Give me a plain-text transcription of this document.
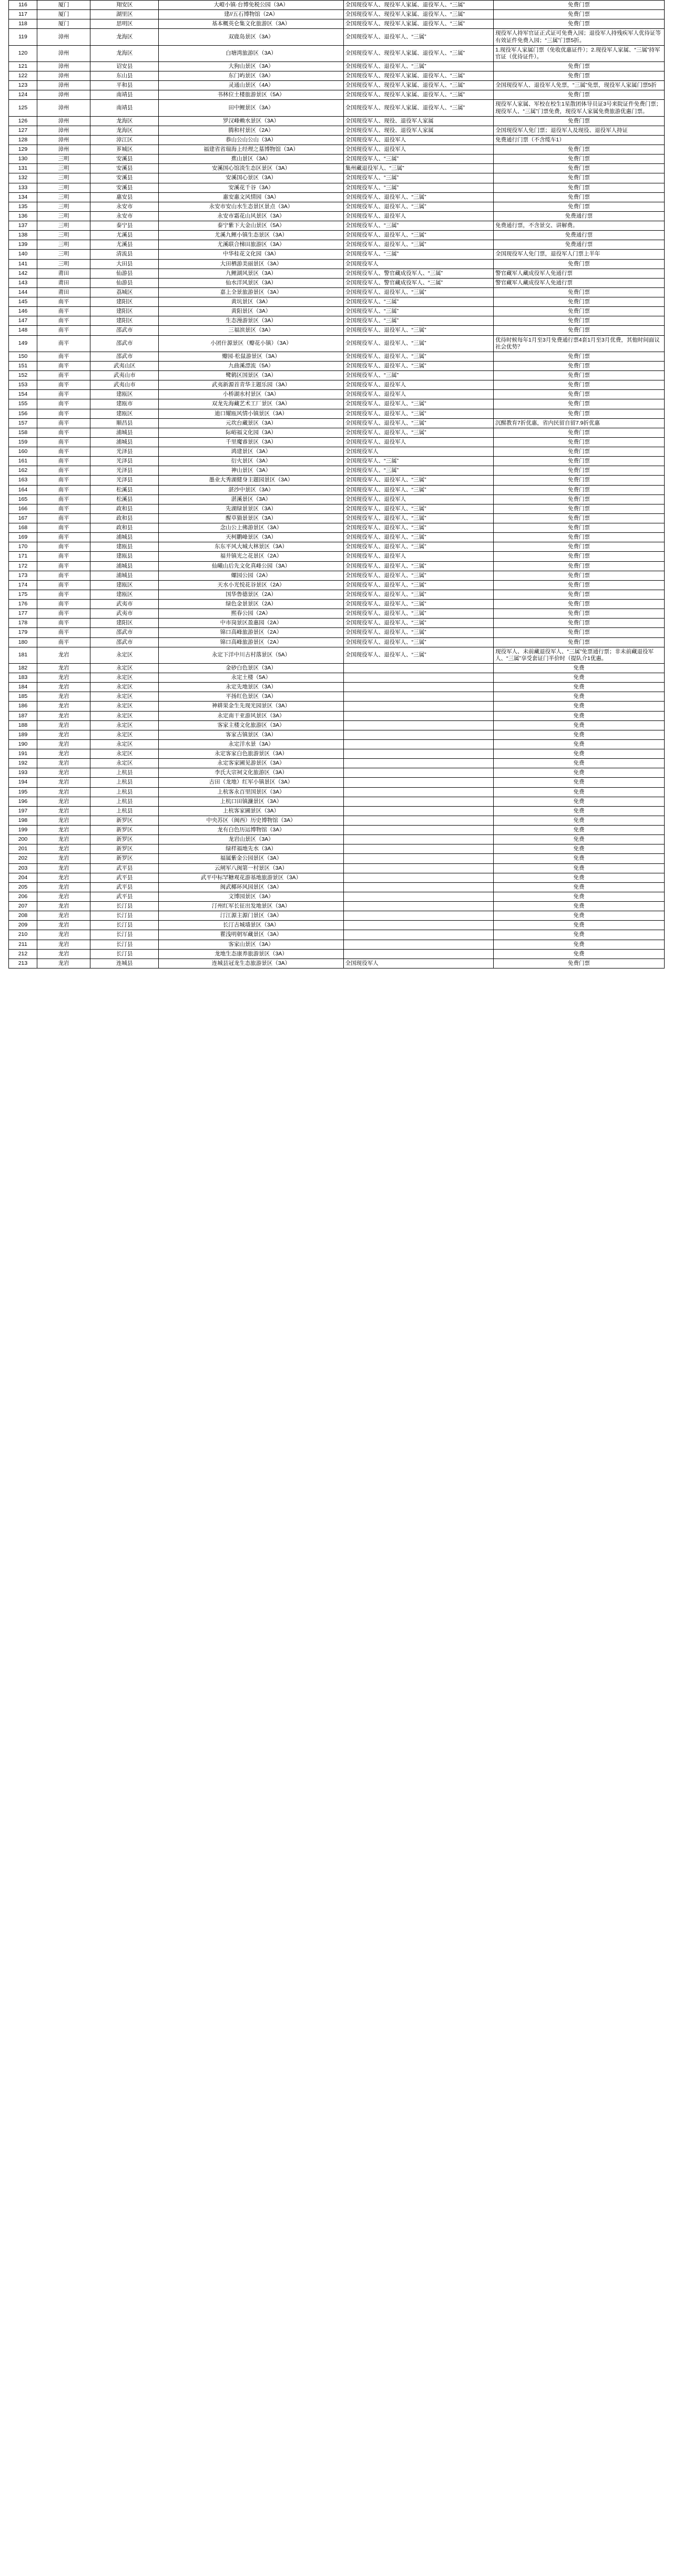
116	厦门	翔安区	大嶝小镇·台博免税公园（3A）	全国现役军人、现役军人家属、退役军人、“三属”	免费门票
117	厦门	湖里区	建//五石博物馆（2A）	全国现役军人、现役军人家属、退役军人、“三属”	免费门票
118	厦门	思明区	基本概英仑集文化旅游区（3A）	全国现役军人、现役军人家属、退役军人、“三属”	免费门票
119	漳州	龙海区	双鹿岛景区（3A）	全国现役军人、退役军人、“三属”	现役军人持军官证正式证可免费入园；退役军人持残疾军人优待证等有效证件免费入园；“三属”门票5折。
120	漳州	龙海区	白塘湾旅游区（3A）	全国现役军人、现役军人家属、退役军人、“三属”	1.现役军人家属门票（免收优惠证件）；2.现役军人家属、“三属”持军官证（优待证件）。
121	漳州	诏安县	大狗山景区（3A）	全国现役军人、退役军人、“三属”	免费门票
122	漳州	东山县	东门屿景区（3A）	全国现役军人、现役军人家属、退役军人、“三属”	免费门票
123	漳州	平和县	灵通山景区（4A）	全国现役军人、现役军人家属、退役军人、“三属”	全国现役军人、退役军人免票，“三属”免票，现役军人家属门票5折
124	漳州	南靖县	书林位土楼旅游景区（5A）	全国现役军人、现役军人家属、退役军人、“三属”	免费门票
125	漳州	南靖县	田中鲤景区（3A）	全国现役军人、现役军人家属、退役军人、“三属”	现役军人家属、军校在校生1星散团体导员证3号来院证件免费门票；现役军人、“三属”门票免费，现役军人家属免费旅游优惠门票。
126	漳州	龙海区	罗汉峰赖水景区（3A）	全国现役军人、现役、退役军人家属	免费门票
127	漳州	龙海区	腾和村景区（2A）	全国现役军人、现役、退役军人家属	全国现役军人免门票；退役军人及现役、退役军人持证
128	漳州	漳江区	恭山公山公山（3A）	全国现役军人、退役军人	免费通行门票（不含缆车1）
129	漳州	芗城区	福建省省瑞海上经理之墓博物馆（3A）	全国现役军人、退役军人	免费门票
130	三明	安溪县	蕉山景区（3A）	全国现役军人、“三属”	免费门票
131	三明	安溪县	安溪国心馆淡生态区景区（3A）	集州藏退役军人、“三属”	免费门票
132	三明	安溪县	安溪国心景区（3A）	全国现役军人、“三属”	免费门票
133	三明	安溪县	安溪花千谷（3A）	全国现役军人、“三属”	免费门票
134	三明	惠安县	惠安惠文风情园（3A）	全国现役军人、退役军人、“三属”	免费门票
135	三明	永安市	永安市安山水生态景区景点（3A）	全国现役军人、退役军人、“三属”	免费门票
136	三明	永安市	永安市霜花山风景区（3A）	全国现役军人、退役军人	免费通行票
137	三明	泰宁县	泰宁紫下大金山景区（5A）	全国现役军人、“三属”	免费通行票，不含景交、讲解费。
138	三明	尤溪县	尤溪九鲤小镇生态景区（3A）	全国现役军人、退役军人、“三属”	免费通行票
139	三明	尤溪县	尤溪联合梯田旅游区（3A）	全国现役军人、退役军人、“三属”	免费通行票
140	三明	清流县	中华桂花文化园（3A）	全国现役军人、“三属”	全国现役军人免门票，退役军人门票上半年
141	三明	大田县	大田栖游美丽景区（3A）	全国现役军人	免费门票
142	莆田	仙游县	九鲤湖风景区（3A）	全国现役军人、警官藏成役军人、“三属”	警官藏军人藏成役军人免通行票
143	莆田	仙游县	仙水洋风景区（3A）	全国现役军人、警官藏成役军人、“三属”	警官藏军人藏成役军人免通行票
144	莆田	荔城区	嘉上全景旅游景区（3A）	全国现役军人、退役军人、“三属”	免费门票
145	南平	建阳区	黄坑景区（3A）	全国现役军人、“三属”	免费门票
146	南平	建阳区	黄阳景区（3A）	全国现役军人、“三属”	免费门票
147	南平	建阳区	生态漫游景区（3A）	全国现役军人、“三属”	免费门票
148	南平	邵武市	三福滨景区（3A）	全国现役军人、退役军人、“三属”	免费门票
149	南平	邵武市	小团什源景区（瓣花小镇）（3A）	全国现役军人、退役军人、“三属”	优待时候每年1月至3月免费通行票4套1月至3月优费，其他时间面议社会优势？
150	南平	邵武市	瓣园·松鼠游景区（3A）	全国现役军人、退役军人、“三属”	免费门票
151	南平	武夷山区	九曲溪漂流（5A）	全国现役军人、退役军人、“三属”	免费门票
152	南平	武夷山市	鹭鹤区国景区（3A）	全国现役军人、“三属”	免费门票
153	南平	武夷山市	武夷新源首青华主题乐园（3A）	全国现役军人、退役军人	免费门票
154	南平	建瓯区	小桥湖水村景区（3A）	全国现役军人、退役军人	免费门票
155	南平	建瓯市	双龙先海藏艺术工厂景区（3A）	全国现役军人、退役军人、“三属”	免费门票
156	南平	建瓯区	迪口耀瓯风情小镇景区（3A）	全国现役军人、退役军人、“三属”	免费门票
157	南平	顺昌县	元坎台藏景区（3A）	全国现役军人、退役军人、“三属”	沉醒教育7折优惠，省内民留自留7.9折优惠
158	南平	浦城县	际峪福文化园（3A）	全国现役军人、退役军人、“三属”	免费门票
159	南平	浦城县	千里魔睿景区（3A）	全国现役军人、退役军人	免费门票
160	南平	光泽县	鸿建景区（3A）	全国现役军人	免费门票
161	南平	光泽县	衍火景区（3A）	全国现役军人、“三属”	免费门票
162	南平	光泽县	神山景区（3A）	全国现役军人、“三属”	免费门票
163	南平	光泽县	墨业大秀湖健身主题园景区（3A）	全国现役军人、退役军人、“三属”	免费门票
164	南平	松溪县	湛沙中景区（3A）	全国现役军人、退役军人、“三属”	免费门票
165	南平	松溪县	湛溪景区（3A）	全国现役军人、退役军人	免费门票
166	南平	政和县	先湖绿景景区（3A）	全国现役军人、退役军人、“三属”	免费门票
167	南平	政和县	醒草猫景景区（3A）	全国现役军人、退役军人、“三属”	免费门票
168	南平	政和县	念山公上佛游景区（3A）	全国现役军人、退役军人、“三属”	免费门票
169	南平	浦城县	天柯鹏峰景区（3A）	全国现役军人、退役军人、“三属”	免费门票
170	南平	建瓯县	东东平风大城大林景区（3A）	全国现役军人、退役军人、“三属”	免费门票
171	南平	建瓯县	福井镇光之花景区（2A）	全国现役军人、退役军人	免费门票
172	南平	浦城县	仙曦山后先文化真峰公园（3A）	全国现役军人、退役军人、“三属”	免费门票
173	南平	浦城县	螺园公园（2A）	全国现役军人、退役军人、“三属”	免费门票
174	南平	建瓯区	天水小光悦花谷景区（2A）	全国现役军人、退役军人、“三属”	免费门票
175	南平	建瓯区	国华鲁德景区（2A）	全国现役军人、退役军人、“三属”	免费门票
176	南平	武夷市	绿色金景景区（2A）	全国现役军人、退役军人、“三属”	免费门票
177	南平	武夷市	熙春公园（2A）	全国现役军人、退役军人、“三属”	免费门票
178	南平	建阳区	中市岗景区盈惠园（2A）	全国现役军人、退役军人、“三属”	免费门票
179	南平	邵武市	锦口高峰旅游景区（2A）	全国现役军人、退役军人、“三属”	免费门票
180	南平	邵武市	锦口高峰旅游景区（2A）	全国现役军人、退役军人、“三属”	免费门票
181	龙岩	永定区	永定下洋中川古村落景区（5A）	全国现役军人、退役军人、“三属”	现役军人、未前藏退役军人、“三属”免票通行票；非未前藏退役军人、“三属”享受套证门半价时（提队介1优惠。
182	龙岩	永定区	金砂白色景区（3A）		免费
183	龙岩	永定区	永定土楼（5A）		免费
184	龙岩	永定区	永定先地景区（3A）		免费
185	龙岩	永定区	平扬红色景区（3A）		免费
186	龙岩	永定区	神耕果金生先现光园景区（3A）		免费
187	龙岩	永定区	永定南干亚游风景区（3A）		免费
188	龙岩	永定区	客家主楼文化旅游区（3A）		免费
189	龙岩	永定区	客家古镇景区（3A）		免费
190	龙岩	永定区	永定洋水景（3A）		免费
191	龙岩	永定区	永定客家白色旅游景区（3A）		免费
192	龙岩	永定区	永定客家圃见游景区（3A）		免费
193	龙岩	上杭县	李氏大宗祠文化旅游区（3A）		免费
194	龙岩	上杭县	古田（龙地）红军小镇景区（3A）		免费
195	龙岩	上杭县	上杭客永百里国景区（3A）		免费
196	龙岩	上杭县	上杭口田镇濂景区（3A）		免费
197	龙岩	上杭县	上杭客家圃景区（3A）		免费
198	龙岩	新罗区	中央苏区（闽西）历史博物馆（3A）		免费
199	龙岩	新罗区	龙有白色历运博物馆（3A）		免费
200	龙岩	新罗区	龙岩山景区（3A）		免费
201	龙岩	新罗区	绿样福地先水（3A）		免费
202	龙岩	新罗区	福属紫金公园景区（3A）		免费
203	龙岩	武平县	云闸军八闽第一村景区（3A）		免费
204	龙岩	武平县	武平中标罕糖观花游基地旅游景区（3A）		免费
205	龙岩	武平县	闽武椰环风园景区（3A）		免费
206	龙岩	武平县	文博园景区（3A）		免费
207	龙岩	长汀县	汀州红军长征出发地景区（3A）		免费
208	龙岩	长汀县	汀江源主源门景区（3A）		免费
209	龙岩	长汀县	长汀古城墙景区（3A）		免费
210	龙岩	长汀县	瞿浅明朝军藏景区（3A）		免费
211	龙岩	长汀县	客家山景区（3A）		免费
212	龙岩	长汀县	龙地生态康养旅游景区（3A）		免费
213	龙岩	连城县	连城县冠龙生态旅游景区（3A）	全国现役军人	免费门票
